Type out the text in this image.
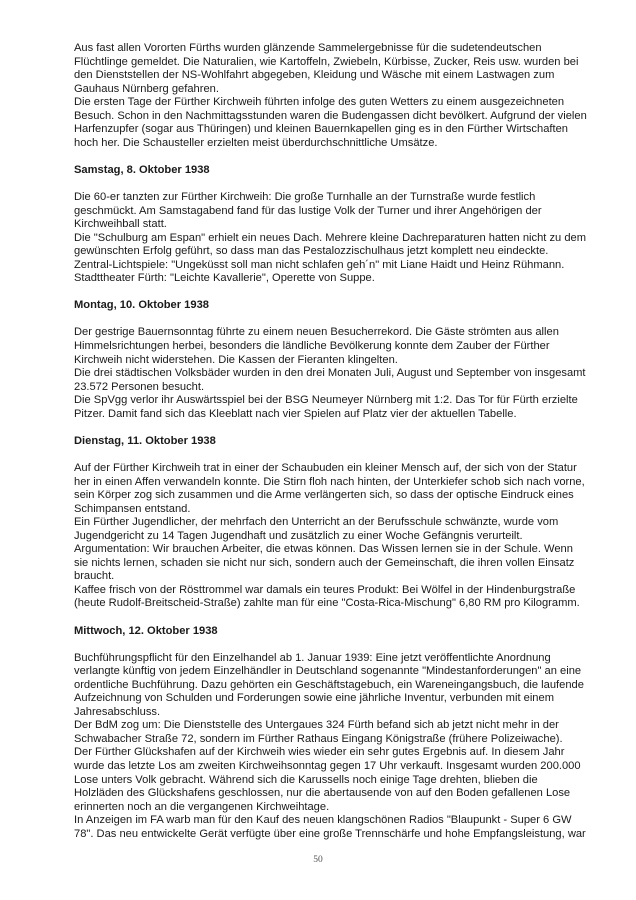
Aus fast allen Vororten Fürths wurden glänzende Sammelergebnisse für die sudetendeutschen
Flüchtlinge gemeldet. Die Naturalien, wie Kartoffeln, Zwiebeln, Kürbisse, Zucker, Reis usw. wurden bei
den Dienststellen der NS-Wohlfahrt abgegeben, Kleidung und Wäsche mit einem Lastwagen zum
Gauhaus Nürnberg gefahren.

Die ersten Tage der Fürther Kirchweih führten infolge des guten Wetters zu einem ausgezeichneten
Besuch. Schon in den Nachmittagsstunden waren die Budengassen dicht bevölkert. Aufgrund der vielen
Harfenzupfer (sogar aus Thüringen) und kleinen Bauernkapellen ging es in den Fürther Wirtschaften
hoch her. Die Schausteller erzielten meist überdurchschnittliche Umsätze.

Samstag, 8. Oktober 1938

Die 60-er tanzten zur Fürther Kirchweih: Die große Turnhalle an der Turnstraße wurde festlich
geschmückt. Am Samstagabend fand für das lustige Volk der Turner und ihrer Angehörigen der
Kirchweihball statt.

Die "Schulburg am Espan" erhielt ein neues Dach. Mehrere kleine Dachreparaturen hatten nicht zu dem
gewünschten Erfolg geführt, so dass man das Pestalozzischulhaus jetzt komplett neu eindeckte.

Zentral-Lichtspiele: "Ungeküsst soll man nicht schlafen geh´n" mit Liane Haidt und Heinz Rühmann.

Stadttheater Fürth: "Leichte Kavallerie", Operette von Suppe.

Montag, 10. Oktober 1938

Der gestrige Bauernsonntag führte zu einem neuen Besucherrekord. Die Gäste strömten aus allen
Himmelsrichtungen herbei, besonders die ländliche Bevölkerung konnte dem Zauber der Fürther
Kirchweih nicht widerstehen. Die Kassen der Fieranten klingelten.

Die drei städtischen Volksbäder wurden in den drei Monaten Juli, August und September von insgesamt
23.572 Personen besucht.

Die SpVgg verlor ihr Auswärtsspiel bei der BSG Neumeyer Nürnberg mit 1:2. Das Tor für Fürth erzielte
Pitzer. Damit fand sich das Kleeblatt nach vier Spielen auf Platz vier der aktuellen Tabelle.

Dienstag, 11. Oktober 1938

Auf der Fürther Kirchweih trat in einer der Schaubuden ein kleiner Mensch auf, der sich von der Statur
her in einen Affen verwandeln konnte. Die Stirn floh nach hinten, der Unterkiefer schob sich nach vorne,
sein Körper zog sich zusammen und die Arme verlängerten sich, so dass der optische Eindruck eines
Schimpansen entstand.

Ein Fürther Jugendlicher, der mehrfach den Unterricht an der Berufsschule schwänzte, wurde vom
Jugendgericht zu 14 Tagen Jugendhaft und zusätzlich zu einer Woche Gefängnis verurteilt.

Argumentation: Wir brauchen Arbeiter, die etwas können. Das Wissen lernen sie in der Schule. Wenn
sie nichts lernen, schaden sie nicht nur sich, sondern auch der Gemeinschaft, die ihren vollen Einsatz
braucht.

Kaffee frisch von der Rösttrommel war damals ein teures Produkt: Bei Wölfel in der Hindenburgstraße
(heute Rudolf-Breitscheid-Straße) zahlte man für eine "Costa-Rica-Mischung" 6,80 RM pro Kilogramm.

Mittwoch, 12. Oktober 1938

Buchführungspflicht für den Einzelhandel ab 1. Januar 1939: Eine jetzt veröffentlichte Anordnung
verlangte künftig von jedem Einzelhändler in Deutschland sogenannte "Mindestanforderungen" an eine
ordentliche Buchführung. Dazu gehörten ein Geschäftstagebuch, ein Wareneingangsbuch, die laufende
Aufzeichnung von Schulden und Forderungen sowie eine jährliche Inventur, verbunden mit einem
Jahresabschluss.

Der BdM zog um: Die Dienststelle des Untergaues 324 Fürth befand sich ab jetzt nicht mehr in der
Schwabacher Straße 72, sondern im Fürther Rathaus Eingang Königstraße (frühere Polizeiwache).

Der Fürther Glückshafen auf der Kirchweih wies wieder ein sehr gutes Ergebnis auf. In diesem Jahr
wurde das letzte Los am zweiten Kirchweihsonntag gegen 17 Uhr verkauft. Insgesamt wurden 200.000
Lose unters Volk gebracht. Während sich die Karussells noch einige Tage drehten, blieben die
Holzläden des Glückshafens geschlossen, nur die abertausende von auf den Boden gefallenen Lose
erinnerten noch an die vergangenen Kirchweihtage.

In Anzeigen im FA warb man für den Kauf des neuen klangschönen Radios "Blaupunkt - Super 6 GW
78". Das neu entwickelte Gerät verfügte über eine große Trennschärfe und hohe Empfangsleistung, war

50
